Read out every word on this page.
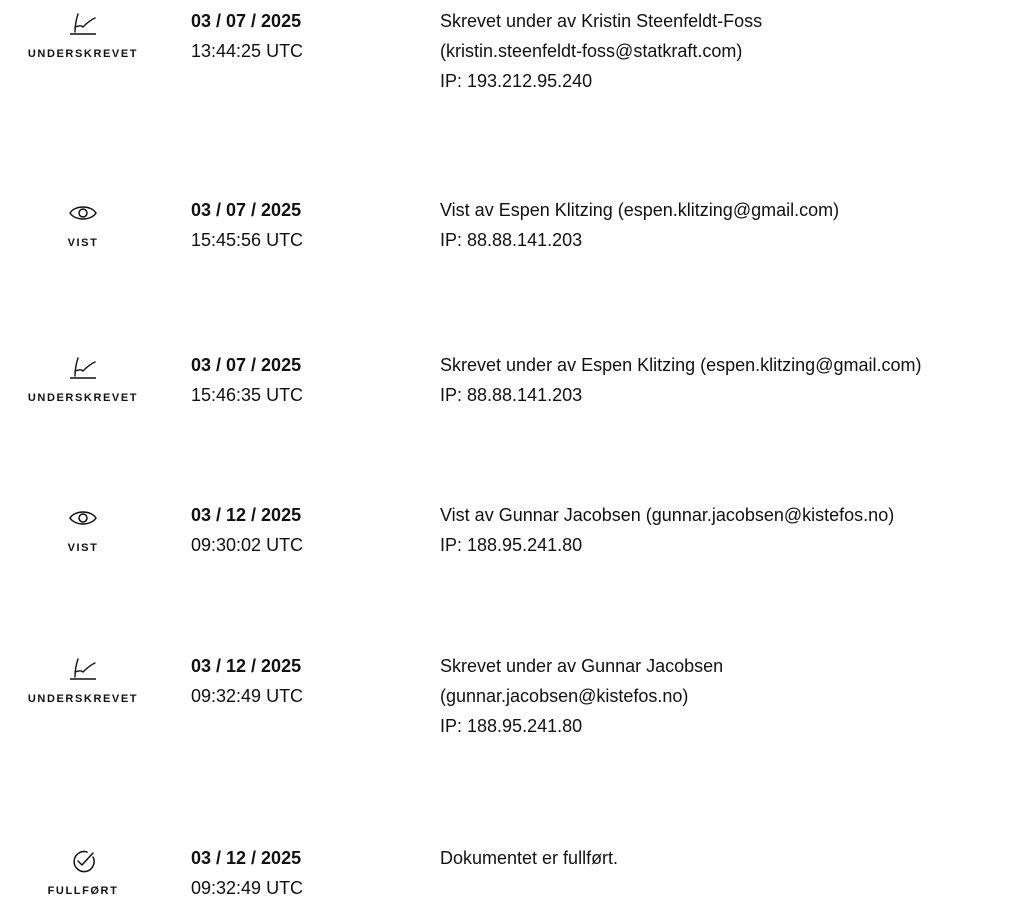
UNDERSKREVET
03 / 07 / 2025
13:44:25 UTC
Skrevet under av Kristin Steenfeldt-Foss
(kristin.steenfeldt-foss@statkraft.com)
IP: 193.212.95.240
VIST
03 / 07 / 2025
15:45:56 UTC
Vist av Espen Klitzing (espen.klitzing@gmail.com)
IP: 88.88.141.203
UNDERSKREVET
03 / 07 / 2025
15:46:35 UTC
Skrevet under av Espen Klitzing (espen.klitzing@gmail.com)
IP: 88.88.141.203
VIST
03 / 12 / 2025
09:30:02 UTC
Vist av Gunnar Jacobsen (gunnar.jacobsen@kistefos.no)
IP: 188.95.241.80
UNDERSKREVET
03 / 12 / 2025
09:32:49 UTC
Skrevet under av Gunnar Jacobsen
(gunnar.jacobsen@kistefos.no)
IP: 188.95.241.80
FULLFØRT
03 / 12 / 2025
09:32:49 UTC
Dokumentet er fullført.
